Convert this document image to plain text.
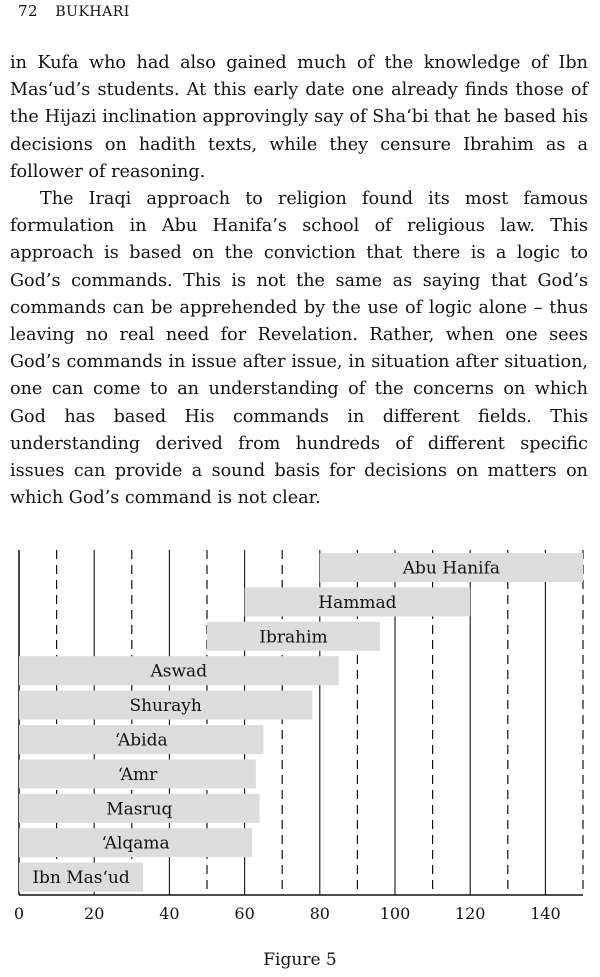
72 BUKHARI

in Kufa who had also gained much of the knowledge of Ibn Mas‘ud’s students. At this early date one already finds those of the Hijazi inclination approvingly say of Sha‘bi that he based his decisions on hadith texts, while they censure Ibrahim as a follower of reasoning.

The Iraqi approach to religion found its most famous formulation in Abu Hanifa’s school of religious law. This approach is based on the conviction that there is a logic to God’s commands. This is not the same as saying that God’s commands can be apprehended by the use of logic alone – thus leaving no real need for Revelation. Rather, when one sees God’s commands in issue after issue, in situation after situation, one can come to an understanding of the concerns on which God has based His commands in different fields. This understanding derived from hundreds of different specific issues can provide a sound basis for decisions on matters on which God’s command is not clear.

Abu Hanifa
Hammad
Ibrahim
Aswad
Shurayh
‘Abida
‘Amr
Masruq
‘Alqama
Ibn Mas‘ud
0	20	40	60	80	100	120	140
Figure 5
